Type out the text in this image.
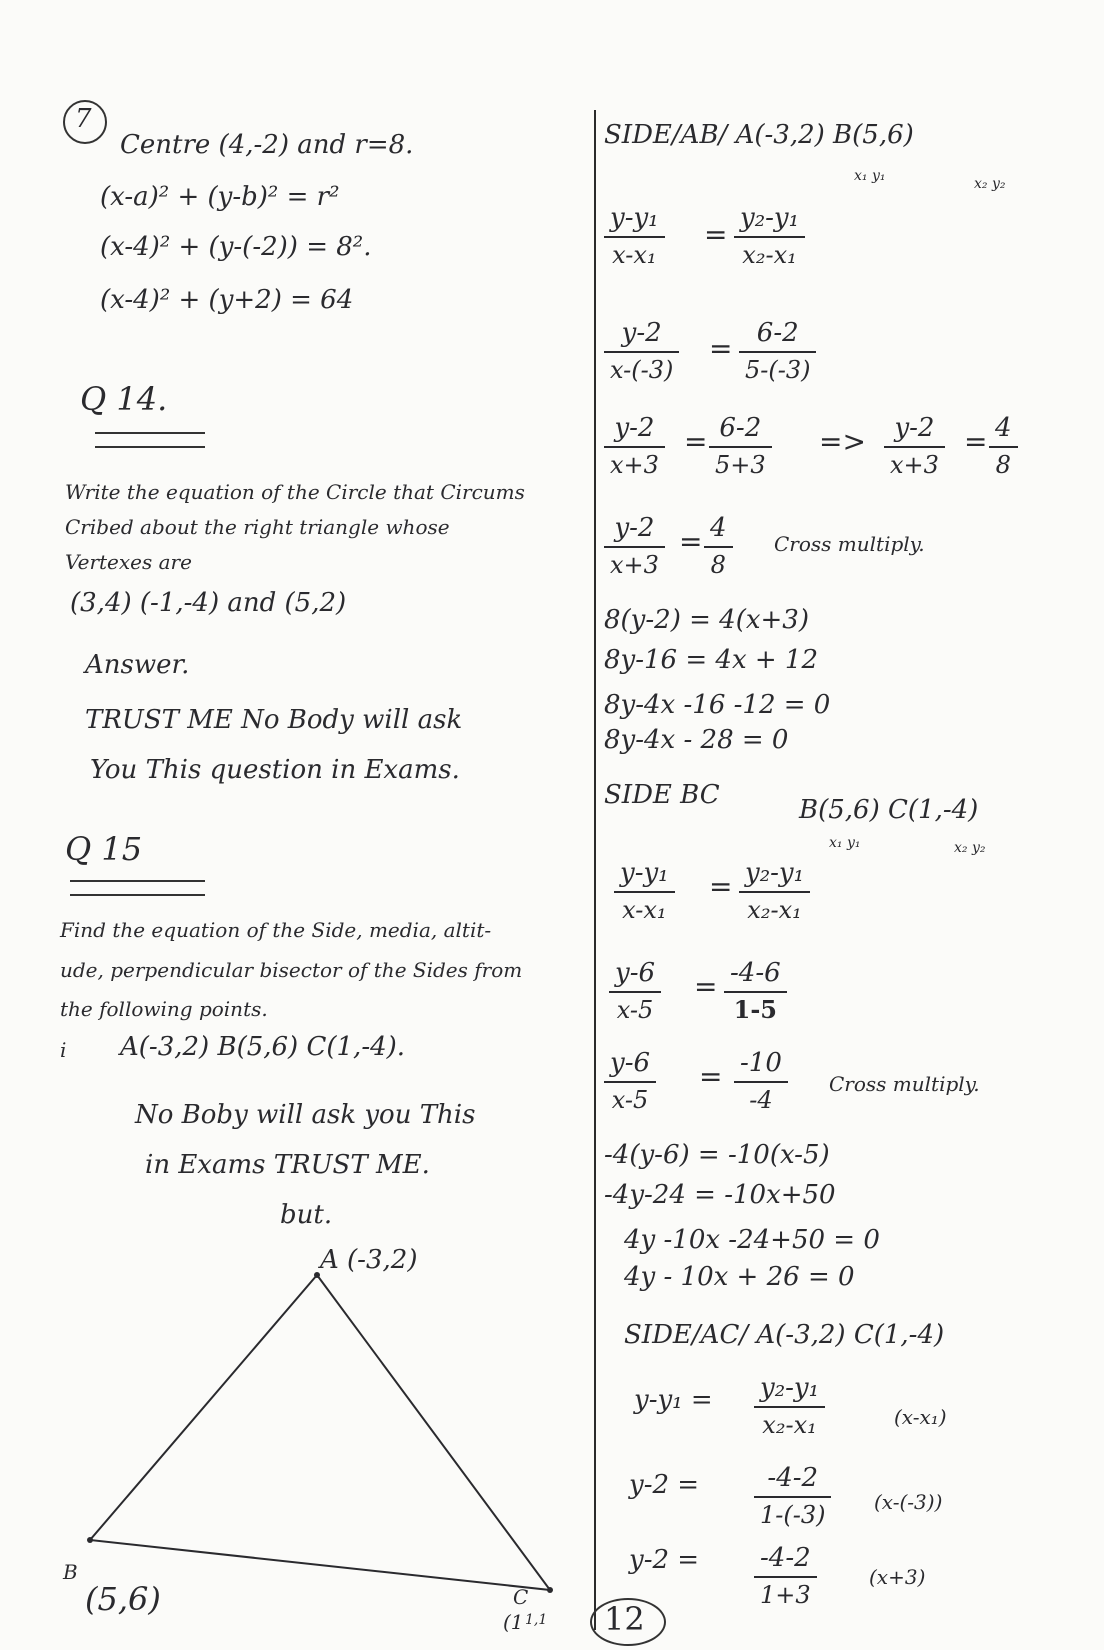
7
Centre (4,-2) and r=8.
(x-a)² + (y-b)² = r²
(x-4)² + (y-(-2)) = 8².
(x-4)² + (y+2) = 64
Q 14.
Write the equation of the Circle that Circums
Cribed about the right triangle whose
Vertexes are
(3,4) (-1,-4) and (5,2)
Answer.
TRUST ME No Body will ask
You This question in Exams.
Q 15
Find the equation of the Side, media, altit-
ude, perpendicular bisector of the Sides from
the following points.
i A(-3,2) B(5,6) C(1,-4).
No Boby will ask you This
in Exams TRUST ME.
but.
A (-3,2)
B
(5,6)	C
(1 1,1
SIDE/AB/ A(-3,2) B(5,6)
x₁ y₁	x₂ y₂
$\frac{\text{y-y₁}}{\text{x-x₁}} = \frac{\text{y₂-y₁}}{\text{x₂-x₁}}$
$\frac{y-2}{x-(-3)} = \frac{6-2}{5-(-3)}$
$\frac{y-2}{x+3} = \frac{6-2}{5+3} => \frac{y-2}{x+3} = \frac{4}{8}$
$\frac{y-2}{x+3} = \frac{4}{8}$ Cross multiply.
8(y-2) = 4(x+3)
8y-16 = 4x + 12
8y-4x -16 -12 = 0
8y-4x - 28 = 0
SIDE BC	B(5,6) C(1,-4)
x₁ y₁	x₂ y₂
$\frac{\text{y-y₁}}{\text{x-x₁}} = \frac{\text{y₂-y₁}}{\text{x₂-x₁}}$
$\frac{y-6}{x-5} = \frac{-4-6}{1-5}$
$\frac{y-6}{x-5} = \frac{-10}{-4}$ Cross multiply.
-4(y-6) = -10(x-5)
-4y-24 = -10x+50
4y -10x -24+50 = 0
4y - 10x + 26 = 0
SIDE/AC/ A(-3,2) C(1,-4)
$y-y_1 = \frac{\text{y₂-y₁}}{\text{x₂-x₁}}$	(x-x₁)
$y-2 = \frac{-4-2}{1-(-3)} (x-(-3))$
$y-2 = \frac{-4-2}{1+3}$	(x+3)
12
